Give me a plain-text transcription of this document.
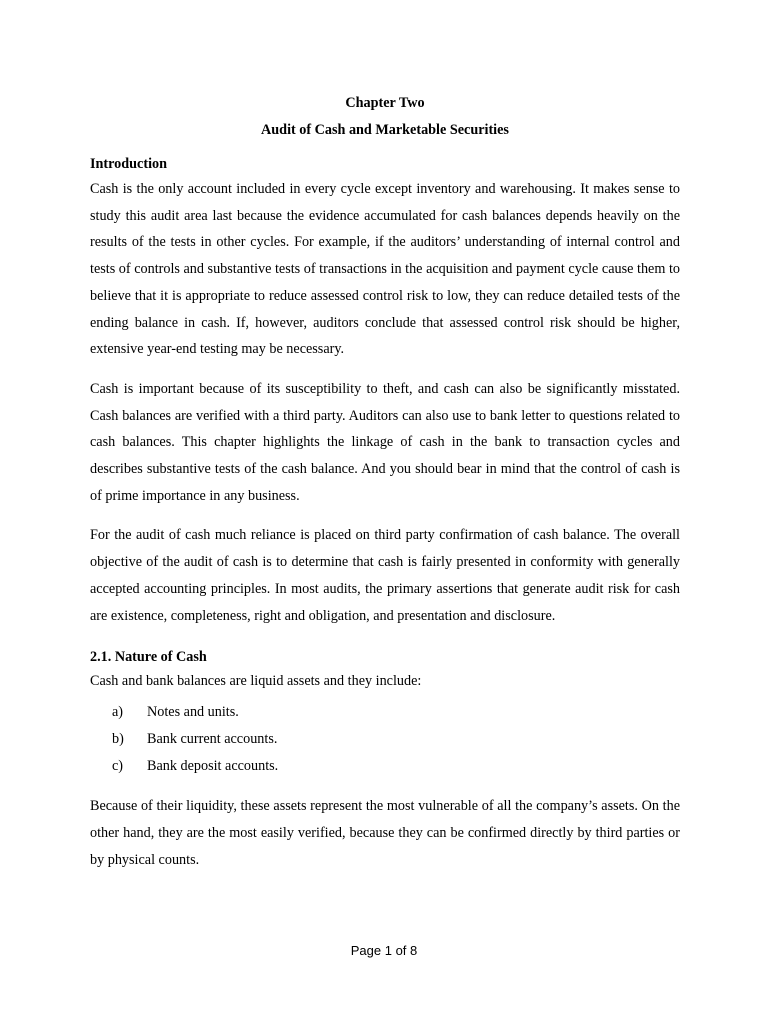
Chapter Two
Audit of Cash and Marketable Securities
Introduction

Cash is the only account included in every cycle except inventory and warehousing. It makes sense to study this audit area last because the evidence accumulated for cash balances depends heavily on the results of the tests in other cycles. For example, if the auditors’ understanding of internal control and tests of controls and substantive tests of transactions in the acquisition and payment cycle cause them to believe that it is appropriate to reduce assessed control risk to low, they can reduce detailed tests of the ending balance in cash. If, however, auditors conclude that assessed control risk should be higher, extensive year-end testing may be necessary.

Cash is important because of its susceptibility to theft, and cash can also be significantly misstated. Cash balances are verified with a third party. Auditors can also use to bank letter to questions related to cash balances. This chapter highlights the linkage of cash in the bank to transaction cycles and describes substantive tests of the cash balance. And you should bear in mind that the control of cash is of prime importance in any business.

For the audit of cash much reliance is placed on third party confirmation of cash balance. The overall objective of the audit of cash is to determine that cash is fairly presented in conformity with generally accepted accounting principles. In most audits, the primary assertions that generate audit risk for cash are existence, completeness, right and obligation, and presentation and disclosure.

2.1. Nature of Cash
Cash and bank balances are liquid assets and they include:
a)	Notes and units.
b)	Bank current accounts.
c)	Bank deposit accounts.

Because of their liquidity, these assets represent the most vulnerable of all the company’s assets. On the other hand, they are the most easily verified, because they can be confirmed directly by third parties or by physical counts.

Page 1 of 8
